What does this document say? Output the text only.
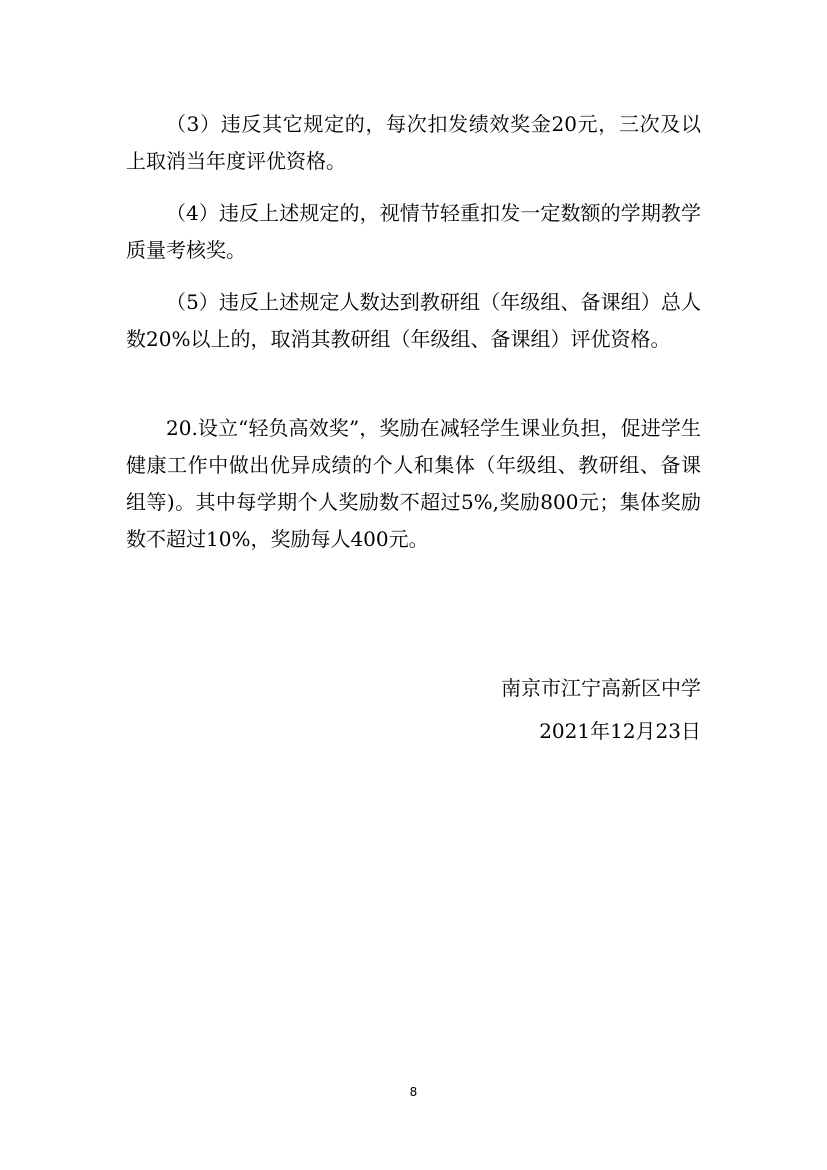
（3）违反其它规定的，每次扣发绩效奖金20元，三次及以上取消当年度评优资格。

（4）违反上述规定的，视情节轻重扣发一定数额的学期教学质量考核奖。

（5）违反上述规定人数达到教研组（年级组、备课组）总人数20%以上的，取消其教研组（年级组、备课组）评优资格。

20.设立“轻负高效奖”，奖励在减轻学生课业负担，促进学生健康工作中做出优异成绩的个人和集体（年级组、教研组、备课组等)。其中每学期个人奖励数不超过5%,奖励800元；集体奖励数不超过10%，奖励每人400元。

南京市江宁高新区中学
2021年12月23日
8
